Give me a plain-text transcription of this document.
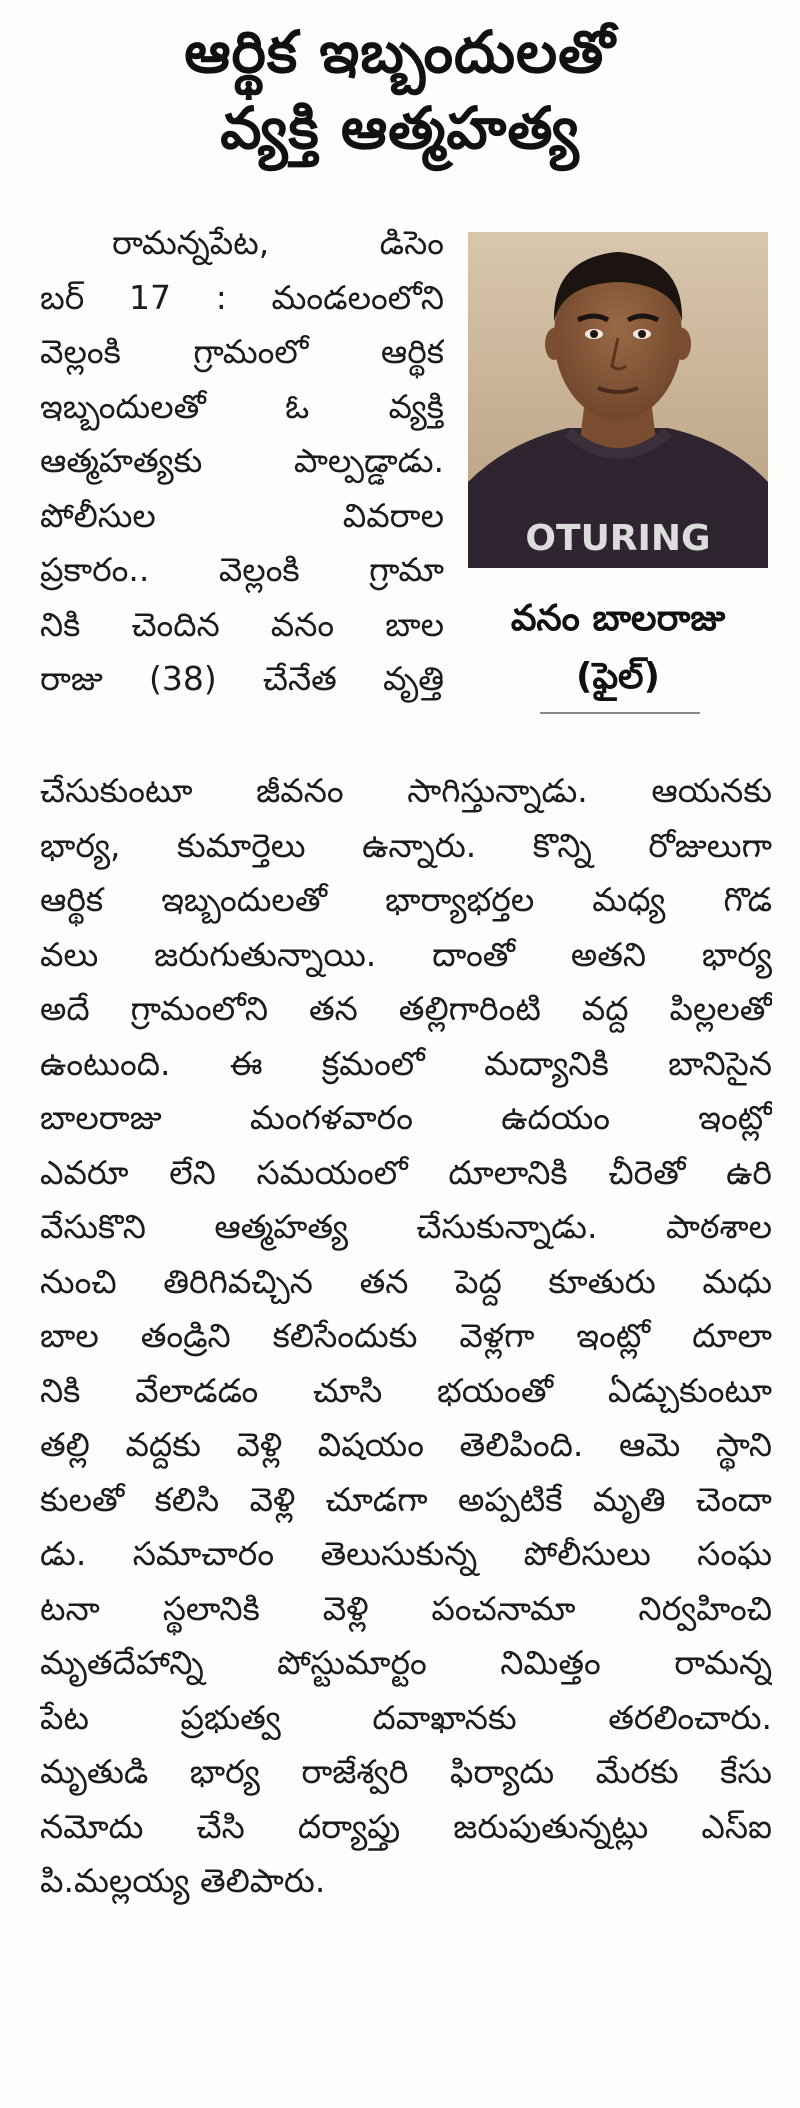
ఆర్థిక ఇబ్బందులతో
వ్యక్తి ఆత్మహత్య
రామన్నపేట, డిసెం
బర్ 17 : మండలంలోని
వెల్లంకి గ్రామంలో ఆర్థిక
ఇబ్బందులతో ఓ వ్యక్తి
ఆత్మహత్యకు పాల్పడ్డాడు.
పోలీసుల వివరాల
ప్రకారం.. వెల్లంకి గ్రామా
నికి చెందిన వనం బాల
రాజు (38) చేనేత వృత్తి
OTURING
వనం బాలరాజు
(ఫైల్)
చేసుకుంటూ జీవనం సాగిస్తున్నాడు. ఆయనకు
భార్య, కుమార్తెలు ఉన్నారు. కొన్ని రోజులుగా
ఆర్థిక ఇబ్బందులతో భార్యాభర్తల మధ్య గొడ
వలు జరుగుతున్నాయి. దాంతో అతని భార్య
అదే గ్రామంలోని తన తల్లిగారింటి వద్ద పిల్లలతో
ఉంటుంది. ఈ క్రమంలో మద్యానికి బానిసైన
బాలరాజు మంగళవారం ఉదయం ఇంట్లో
ఎవరూ లేని సమయంలో దూలానికి చీరెతో ఉరి
వేసుకొని ఆత్మహత్య చేసుకున్నాడు. పాఠశాల
నుంచి తిరిగివచ్చిన తన పెద్ద కూతురు మధు
బాల తండ్రిని కలిసేందుకు వెళ్లగా ఇంట్లో దూలా
నికి వేలాడడం చూసి భయంతో ఏడ్చుకుంటూ
తల్లి వద్దకు వెళ్లి విషయం తెలిపింది. ఆమె స్థాని
కులతో కలిసి వెళ్లి చూడగా అప్పటికే మృతి చెందా
డు. సమాచారం తెలుసుకున్న పోలీసులు సంఘ
టనా స్థలానికి వెళ్లి పంచనామా నిర్వహించి
మృతదేహాన్ని పోస్టుమార్టం నిమిత్తం రామన్న
పేట ప్రభుత్వ దవాఖానకు తరలించారు.
మృతుడి భార్య రాజేశ్వరి ఫిర్యాదు మేరకు కేసు
నమోదు చేసి దర్యాప్తు జరుపుతున్నట్లు ఎస్ఐ
పి.మల్లయ్య తెలిపారు.
